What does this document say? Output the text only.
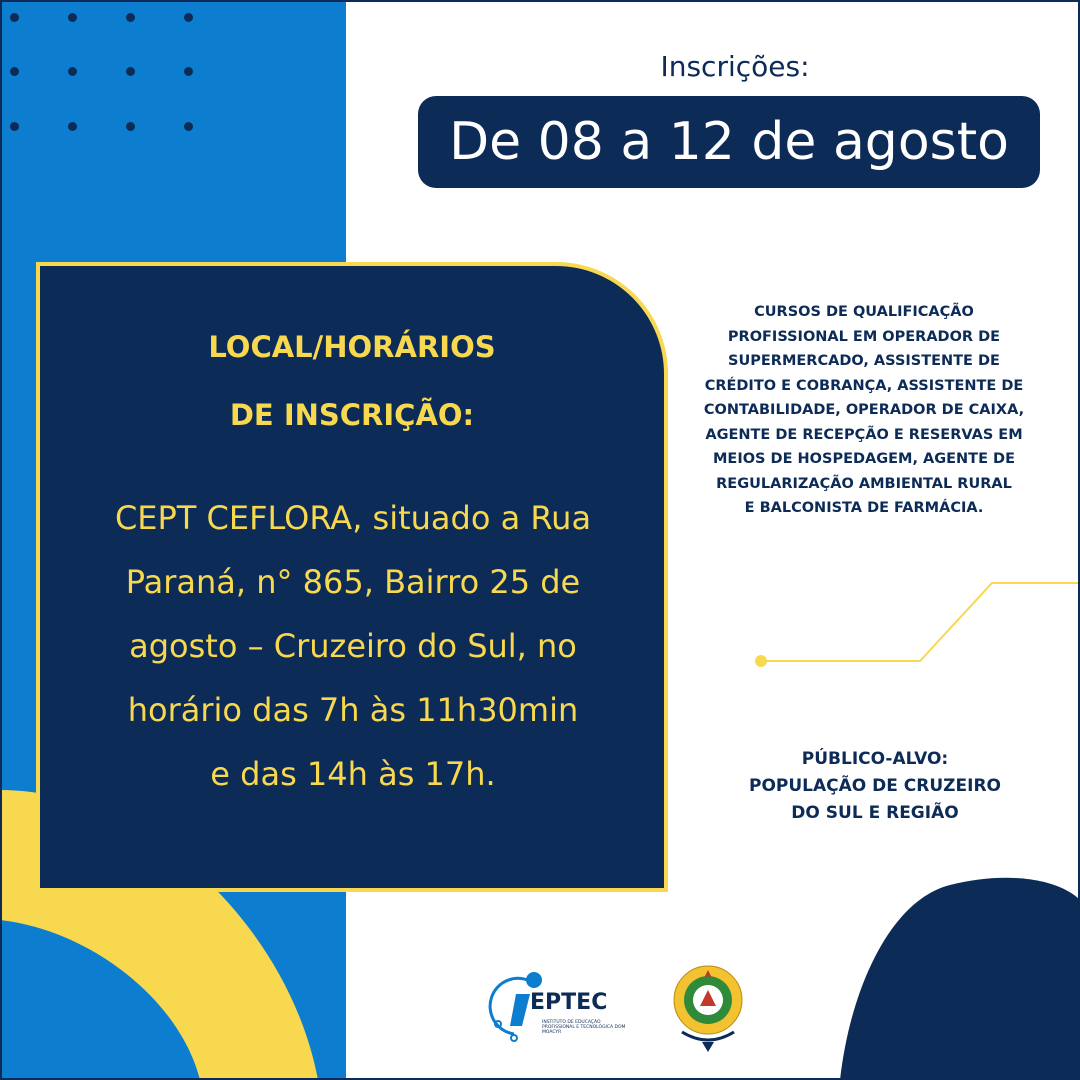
Inscrições:
De 08 a 12 de agosto
LOCAL/HORÁRIOS
DE INSCRIÇÃO:
CEPT CEFLORA, situado a Rua
Paraná, n° 865, Bairro 25 de
agosto – Cruzeiro do Sul, no
horário das 7h às 11h30min
e das 14h às 17h.
CURSOS DE QUALIFICAÇÃO
PROFISSIONAL EM OPERADOR DE
SUPERMERCADO, ASSISTENTE DE
CRÉDITO E COBRANÇA, ASSISTENTE DE
CONTABILIDADE, OPERADOR DE CAIXA,
AGENTE DE RECEPÇÃO E RESERVAS EM
MEIOS DE HOSPEDAGEM, AGENTE DE
REGULARIZAÇÃO AMBIENTAL RURAL
E BALCONISTA DE FARMÁCIA.
PÚBLICO-ALVO:
POPULAÇÃO DE CRUZEIRO
DO SUL E REGIÃO
EPTEC
INSTITUTO DE EDUCAÇÃO PROFISSIONAL E TECNOLÓGICA DOM MOACYR
